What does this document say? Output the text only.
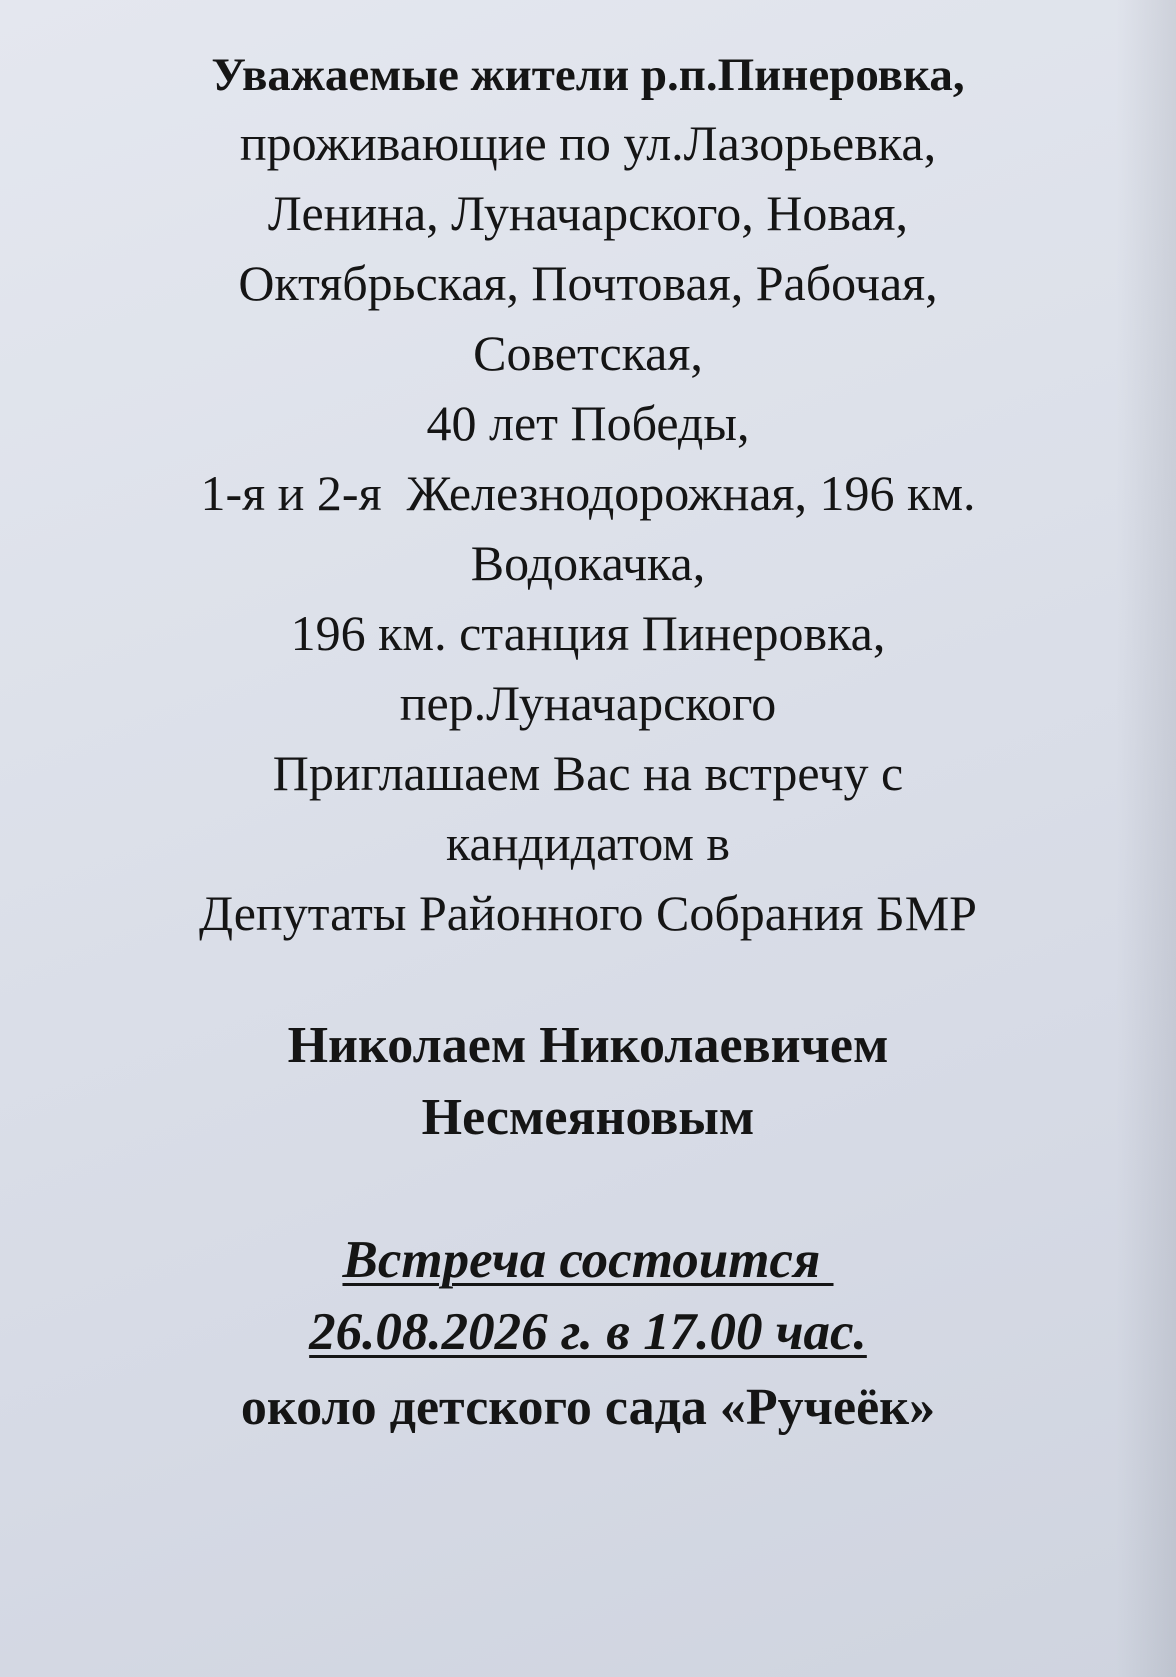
Уважаемые жители р.п.Пинеровка,

проживающие по ул.Лазорьевка,

Ленина, Луначарского, Новая,

Октябрьская, Почтовая, Рабочая,

Советская,

40 лет Победы,

1-я и 2-я  Железнодорожная, 196 км.

Водокачка,

196 км. станция Пинеровка,

пер.Луначарского

Приглашаем Вас на встречу с

кандидатом в

Депутаты Районного Собрания БМР

Николаем Николаевичем

Несмеяновым

Встреча состоится

26.08.2026 г. в 17.00 час.

около детского сада «Ручеёк»
